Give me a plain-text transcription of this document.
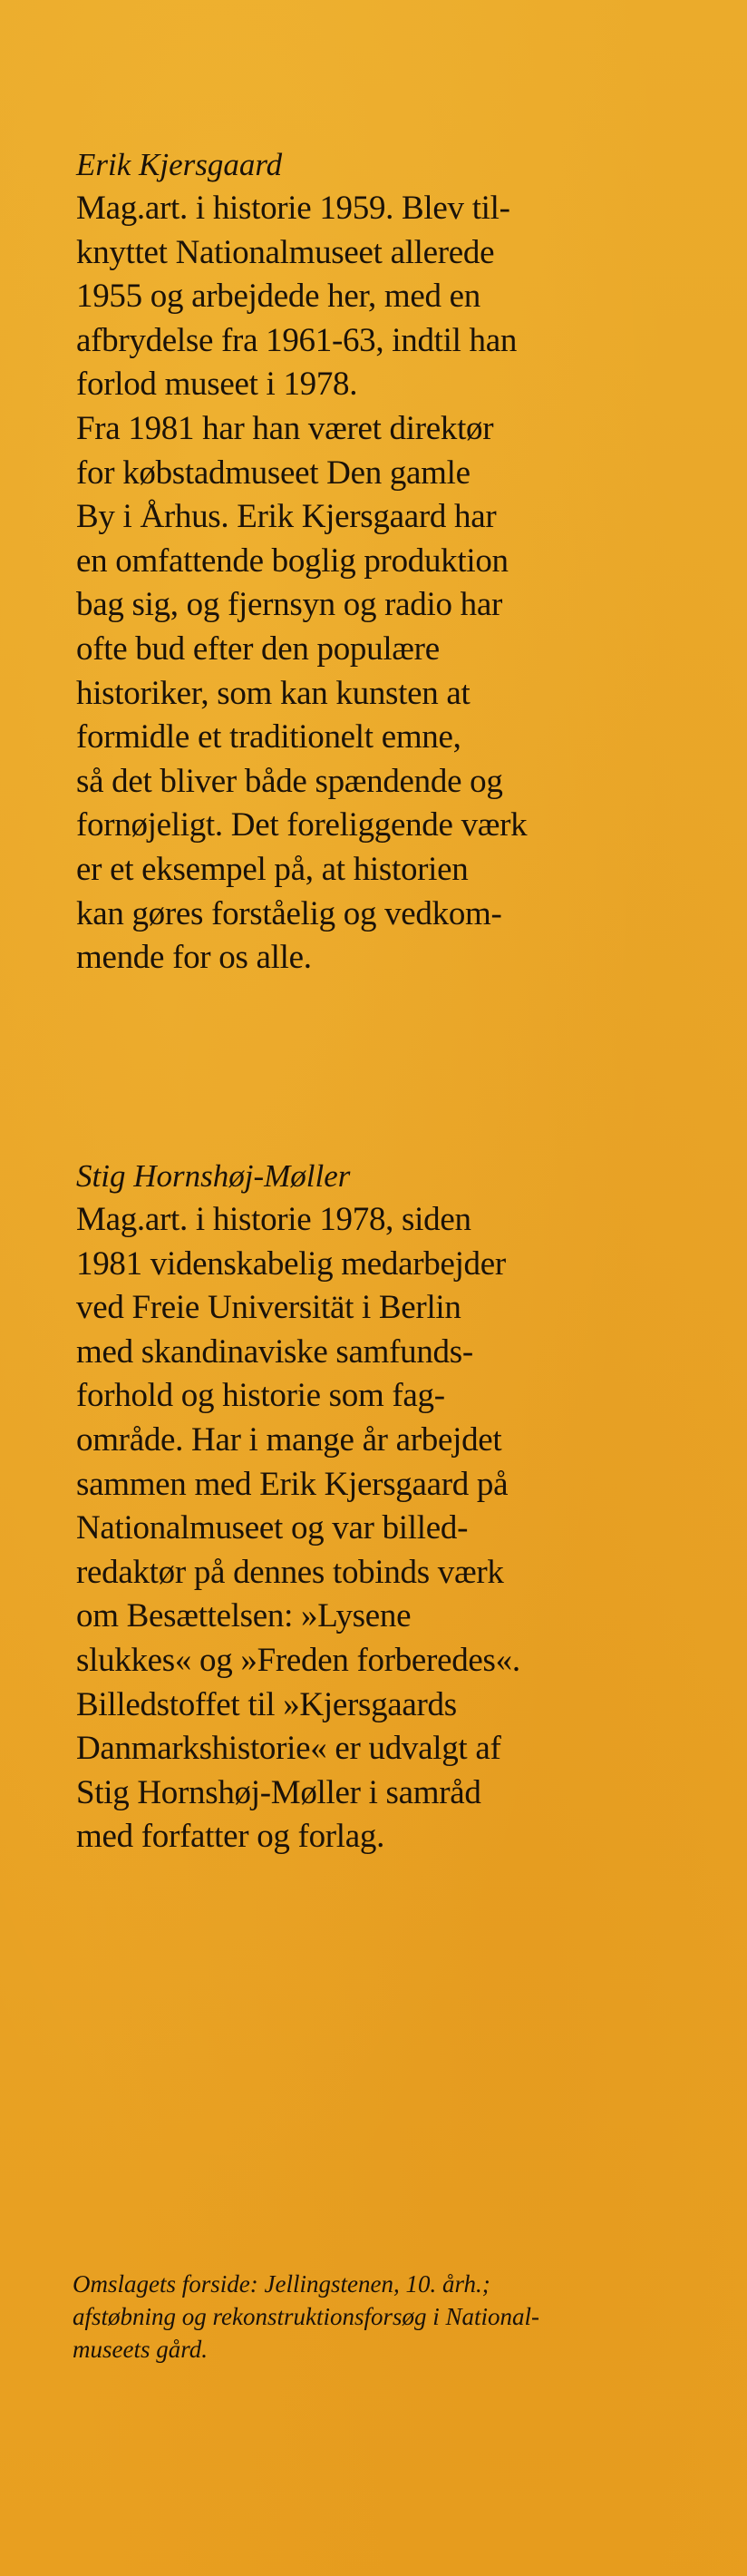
Erik Kjersgaard
Mag.art. i historie 1959. Blev til-
knyttet Nationalmuseet allerede
1955 og arbejdede her, med en
afbrydelse fra 1961-63, indtil han
forlod museet i 1978.
Fra 1981 har han været direktør
for købstadmuseet Den gamle
By i Århus. Erik Kjersgaard har
en omfattende boglig produktion
bag sig, og fjernsyn og radio har
ofte bud efter den populære
historiker, som kan kunsten at
formidle et traditionelt emne,
så det bliver både spændende og
fornøjeligt. Det foreliggende værk
er et eksempel på, at historien
kan gøres forståelig og vedkom-
mende for os alle.
Stig Hornshøj-Møller
Mag.art. i historie 1978, siden
1981 videnskabelig medarbejder
ved Freie Universität i Berlin
med skandinaviske samfunds-
forhold og historie som fag-
område. Har i mange år arbejdet
sammen med Erik Kjersgaard på
Nationalmuseet og var billed-
redaktør på dennes tobinds værk
om Besættelsen: »Lysene
slukkes« og »Freden forberedes«.
Billedstoffet til »Kjersgaards
Danmarkshistorie« er udvalgt af
Stig Hornshøj-Møller i samråd
med forfatter og forlag.
Omslagets forside: Jellingstenen, 10. årh.;
afstøbning og rekonstruktionsforsøg i National-
museets gård.
